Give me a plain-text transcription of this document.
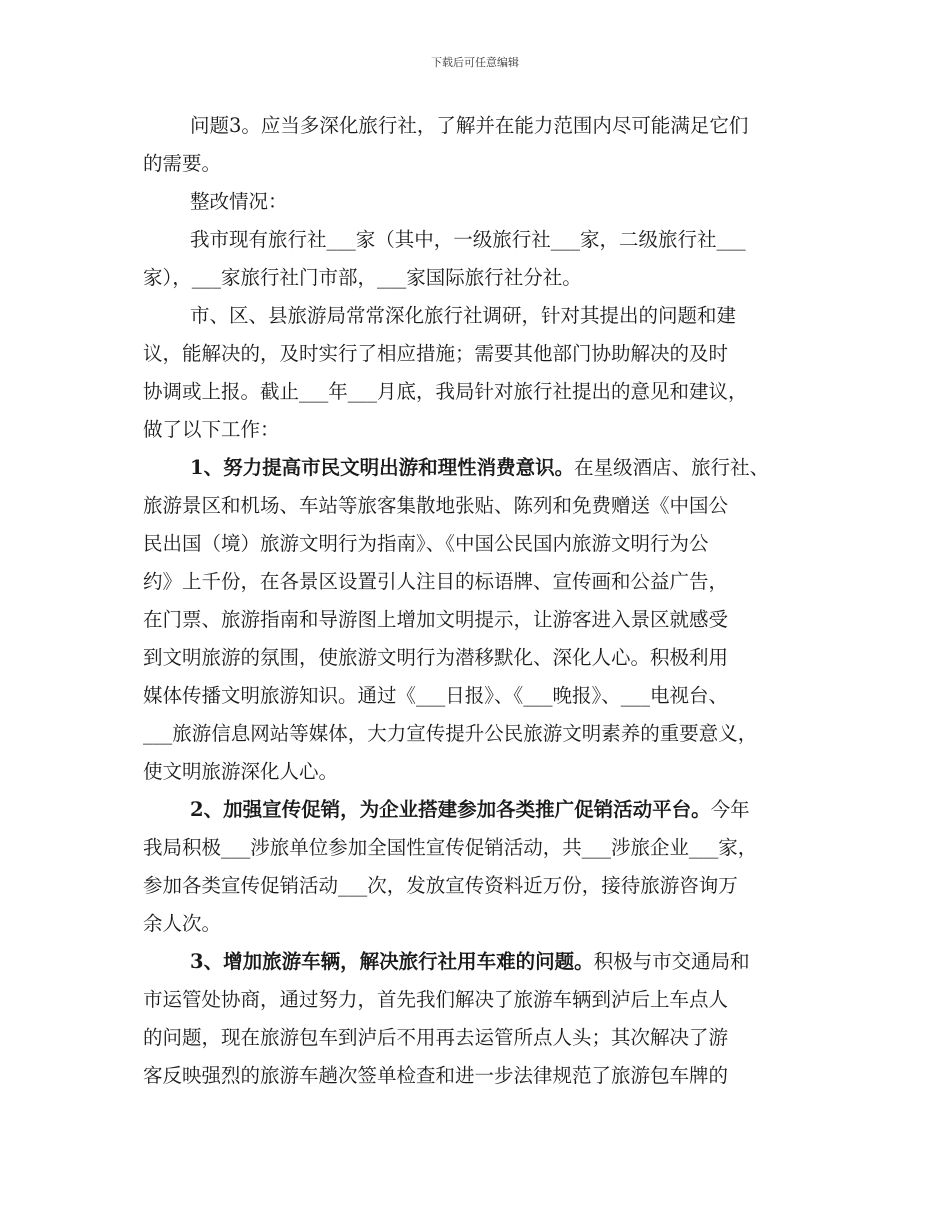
下载后可任意编辑
问题3。应当多深化旅行社，了解并在能力范围内尽可能满足它们
的需要。
整改情况：
我市现有旅行社___家（其中，一级旅行社___家，二级旅行社___
家），___家旅行社门市部，___家国际旅行社分社。
市、区、县旅游局常常深化旅行社调研，针对其提出的问题和建
议，能解决的，及时实行了相应措施；需要其他部门协助解决的及时
协调或上报。截止___年___月底，我局针对旅行社提出的意见和建议，
做了以下工作：
1、努力提高市民文明出游和理性消费意识。在星级酒店、旅行社、
旅游景区和机场、车站等旅客集散地张贴、陈列和免费赠送《中国公
民出国（境）旅游文明行为指南》、《中国公民国内旅游文明行为公
约》上千份，在各景区设置引人注目的标语牌、宣传画和公益广告，
在门票、旅游指南和导游图上增加文明提示，让游客进入景区就感受
到文明旅游的氛围，使旅游文明行为潜移默化、深化人心。积极利用
媒体传播文明旅游知识。通过《___日报》、《___晚报》、___电视台、
___旅游信息网站等媒体，大力宣传提升公民旅游文明素养的重要意义，
使文明旅游深化人心。
2、加强宣传促销，为企业搭建参加各类推广促销活动平台。今年
我局积极___涉旅单位参加全国性宣传促销活动，共___涉旅企业___家，
参加各类宣传促销活动___次，发放宣传资料近万份，接待旅游咨询万
余人次。
3、增加旅游车辆，解决旅行社用车难的问题。积极与市交通局和
市运管处协商，通过努力，首先我们解决了旅游车辆到泸后上车点人
的问题，现在旅游包车到泸后不用再去运管所点人头；其次解决了游
客反映强烈的旅游车趟次签单检查和进一步法律规范了旅游包车牌的
